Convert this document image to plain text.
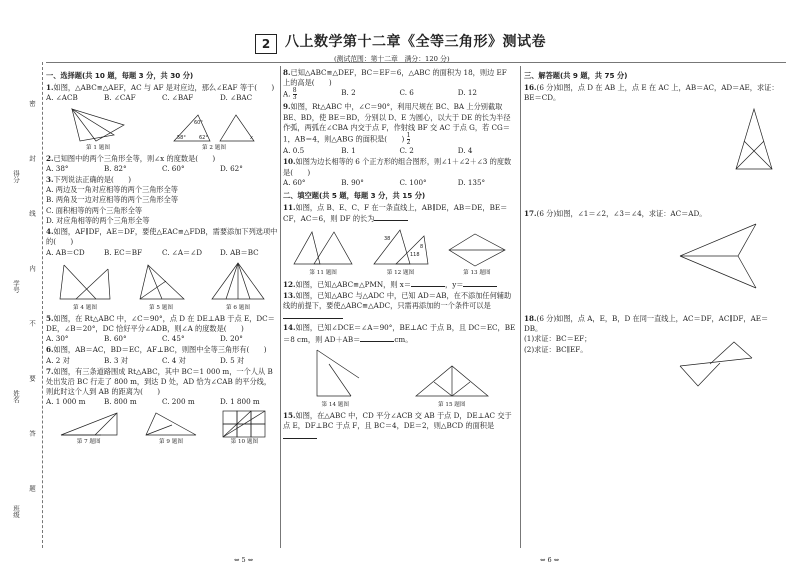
2	八上数学第十二章《全等三角形》测试卷
(测试范围：第十二章　满分：120 分)
得分
学号
姓名
班级
密
封
线
内
不
要
答
题
一、选择题(共 10 题，每题 3 分，共 30 分)
1.如图，△ABC≌△AEF，AC 与 AF 是对应边，那么∠EAF 等于(　　)
A. ∠ACB	B. ∠CAF	C. ∠BAF	D. ∠BAC
第 1 题图
60°
58°	62°	x
第 2 题图
2.已知图中的两个三角形全等，则∠x 的度数是(　　)
A. 38°	B. 82°	C. 60°	D. 62°
3.下列说法正确的是(　　)
A. 两边及一角对应相等的两个三角形全等
B. 两角及一边对应相等的两个三角形全等
C. 面积相等的两个三角形全等
D. 对应角相等的两个三角形全等
4.如图，AF∥DF，AE＝DF，要使△EAC≌△FDB，需要添加下列选项中的(　　)
A. AB＝CD	B. EC＝BF	C. ∠A＝∠D	D. AB＝BC
第 4 题图	第 5 题图	第 6 题图
5.如图，在 Rt△ABC 中，∠C＝90°，点 D 在 DE⊥AB 于点 E，DC＝DE，∠B＝20°，DC 恰好平分∠ADB，则∠A 的度数是(　　)
A. 30°	B. 60°	C. 45°	D. 20°
6.如图，AB＝AC，BD＝EC，AF⊥BC，则图中全等三角形有(　　)
A. 2 对	B. 3 对	C. 4 对	D. 5 对
7.如图，有三条道路围成 Rt△ABC，其中 BC＝1 000 m，一个人从 B 处出发沿 BC 行走了 800 m，到达 D 处，AD 恰为∠CAB 的平分线，则此时这个人到 AB 的距离为(　　)
A. 1 000 m	B. 800 m	C. 200 m	D. 1 800 m
第 7 题图	第 9 题图	第 10 题图
8.已知△ABC≌△DEF，BC＝EF＝6，△ABC 的面积为 18，则边 EF 上的高是(　　)
A. $\frac{8}{3}$	B. 2	C. 6	D. 12
9.如图，Rt△ABC 中，∠C＝90°，利用尺规在 BC、BA 上分别截取 BE、BD，使 BE＝BD，分别以 D、E 为圆心，以大于 DE 的长为半径作弧，两弧在∠CBA 内交于点 F，作射线 BF 交 AC 于点 G，若 CG＝1，AB＝4，则△ABG 的面积是(　　) $\frac{1}{2}$
A. 0.5	B. 1	C. 2	D. 4
10.如图为边长相等的 6 个正方形的组合图形，则∠1＋∠2＋∠3 的度数是(　　)
A. 60°	B. 90°	C. 100°	D. 135°
二、填空题(共 5 题，每题 3 分，共 15 分)
11.如图，点 B、E、C、F 在一条直线上，AB∥DE，AB＝DE，BE＝CF，AC＝6，则 DF 的长为
第 11 题图
38
118
8
第 12 题图	第 13 题图
12.如图，已知△ABC≌△PMN，则 x＝	，y＝
13.如图，已知△ABC 与△ADC 中，已知 AD＝AB，在不添加任何辅助线的前提下，要使△ABC≌△ADC，只需再添加的一个条件可以是
14.如图，已知∠DCE＝∠A＝90°，BE⊥AC 于点 B，且 DC＝EC，BE＝8 cm，则 AD＋AB＝	cm。
第 14 题图	第 15 题图
15.如图，在△ABC 中，CD 平分∠ACB 交 AB 于点 D，DE⊥AC 交于点 E，DF⊥BC 于点 F，且 BC＝4，DE＝2，则△BCD 的面积是
三、解答题(共 9 题，共 75 分)
16.(6 分)如图，点 D 在 AB 上，点 E 在 AC 上，AB＝AC，AD＝AE，求证：BE＝CD。
17.(6 分)如图，∠1＝∠2，∠3＝∠4，求证：AC＝AD。
18.(6 分)如图，点 A，E，B，D 在同一直线上，AC＝DF，AC∥DF，AE＝DB。
(1)求证：BC＝EF；
(2)求证：BC∥EF。
⇔ 5 ⇔	⇔ 6 ⇔
